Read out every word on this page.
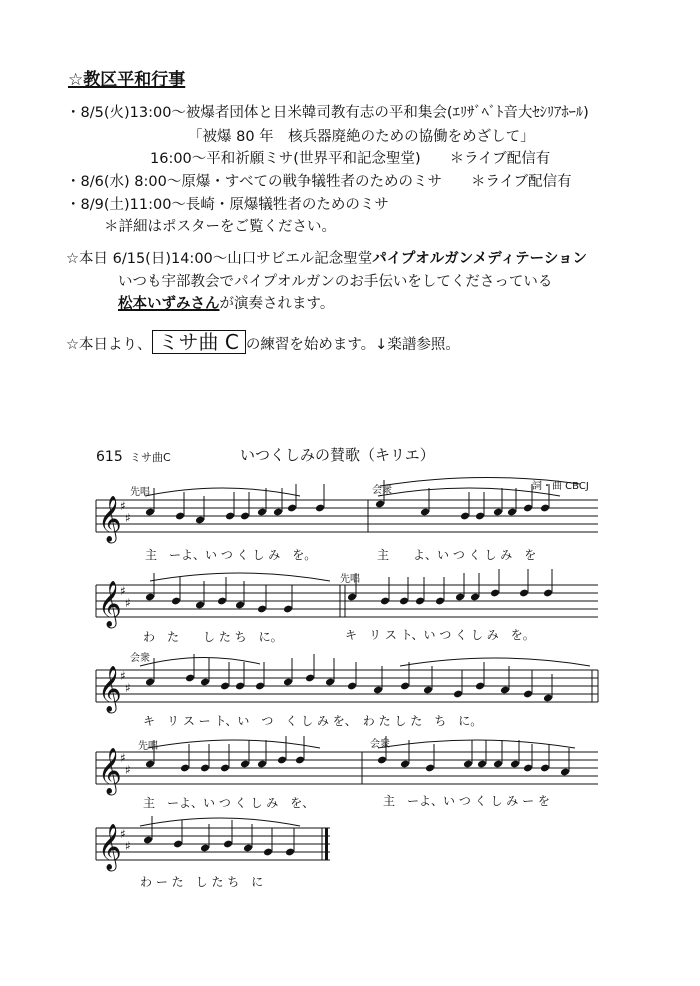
☆教区平和行事
・8/5(火)13:00～被爆者団体と日米韓司教有志の平和集会(ｴﾘｻﾞﾍﾞﾄ音大ｾｼﾘｱﾎｰﾙ)
「被爆 80 年　核兵器廃絶のための協働をめざして」
16:00～平和祈願ミサ(世界平和記念聖堂)　　＊ライブ配信有
・8/6(水) 8:00～原爆・すべての戦争犠牲者のためのミサ　　＊ライブ配信有
・8/9(土)11:00～長崎・原爆犠牲者のためのミサ
＊詳細はポスターをご覧ください。
☆本日 6/15(日)14:00～山口サビエル記念聖堂パイプオルガンメディテーション
いつも宇部教会でパイプオルガンのお手伝いをしてくださっている
松本いずみさんが演奏されます。
☆本日より、 ミサ曲 C の練習を始めます。↓楽譜参照。
615 ミサ曲C	いつくしみの賛歌（キリエ）
詞・曲 CBCJ
先唱	会衆
先唱
会衆
先唱	会衆
主　ーよ、い つ く し み　を。	主　　よ、い つ く し み　を
わ　た　　し た ち　に。	キ　リ ス ト、い つ く し み　を。
キ　リ ス ー ト、い　つ　く し み を、　わ た し た　ち　に。
主　ーよ、い つ く し み　を、	主　ーよ、い つ く し み ー を
わ ー た　し た ち　に
𝄞
♯
♯
𝄞
♯
♯
𝄞
♯
♯
𝄞
♯
♯
𝄞
♯
♯
